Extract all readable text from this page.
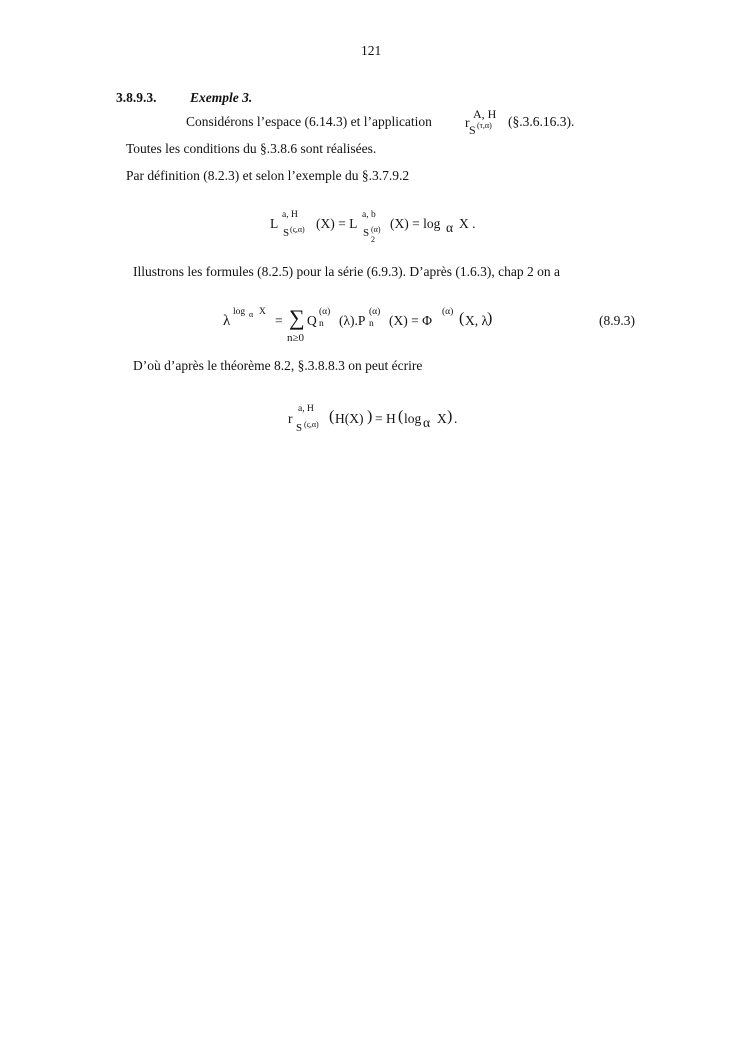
121
3.8.9.3. Exemple 3.
Considérons l’espace (6.14.3) et l’application r
A, H
S (τ,α) (§.3.6.16.3).
Toutes les conditions du §.3.8.6 sont réalisées.
Par définition (8.2.3) et selon l’exemple du §.3.7.9.2
L
a, H
S (ς,α) (X) = L
a, b
S (α)
2
(X) = log α X .
Illustrons les formules (8.2.5) pour la série (6.9.3). D’après (1.6.3), chap 2 on a
λ
log α X
= ∑
n≥0
Q
(α)
n (λ).P
(α)
n (X) = Φ
(α) ( X, λ
)	(8.9.3)
D’où d’après le théorème 8.2, §.3.8.8.3 on peut écrire
r
a, H
S (ς,α) ( H(X) ) = H ( log α X ) .
